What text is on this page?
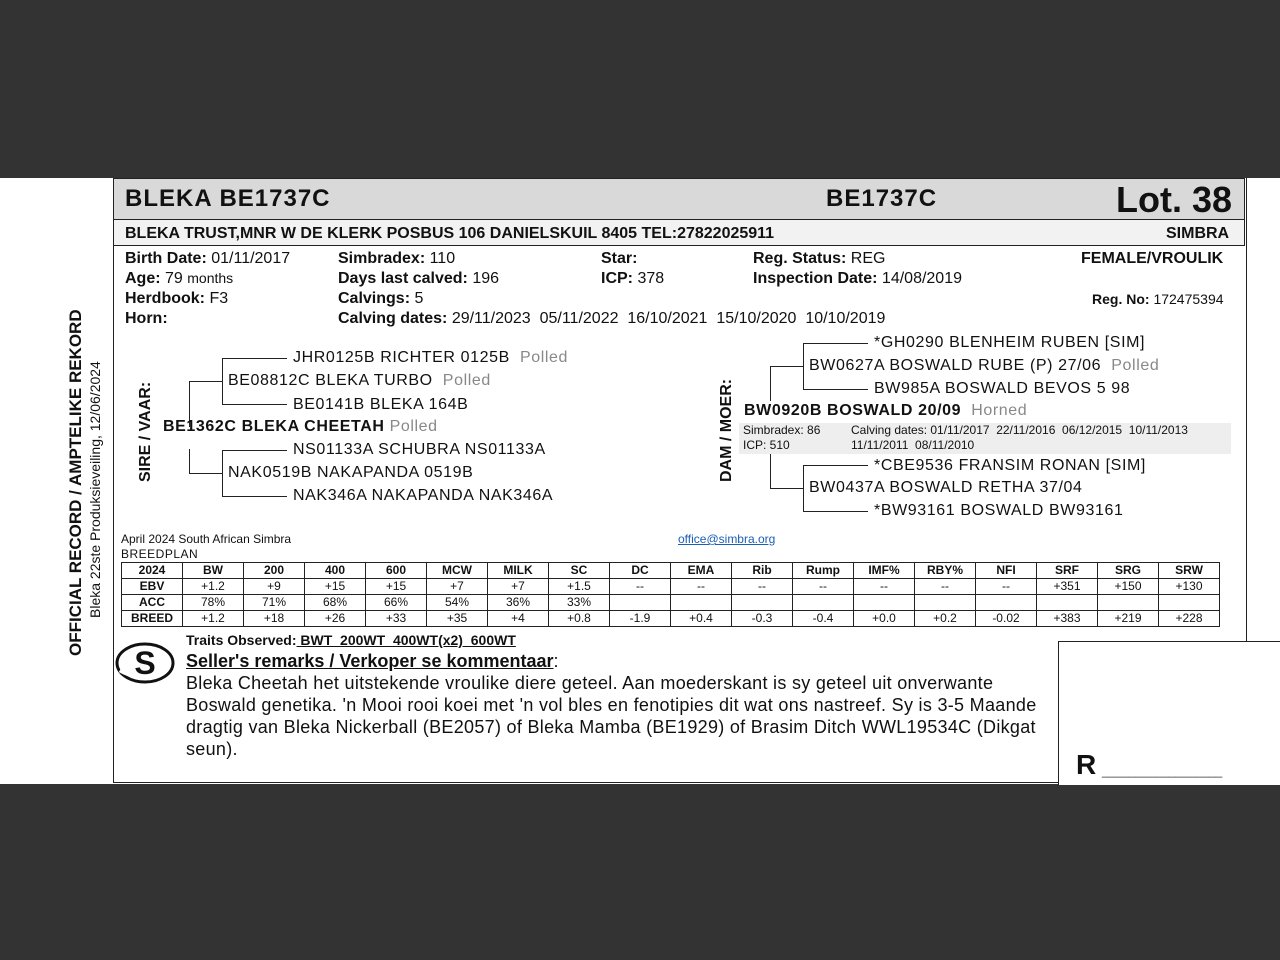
OFFICIAL RECORD / AMPTELIKE REKORD Bleka 22ste Produksieveiling, 12/06/2024
BLEKA BE1737C	BE1737C	Lot. 38
BLEKA TRUST,MNR W DE KLERK POSBUS 106 DANIELSKUIL 8405 TEL:27822025911	SIMBRA
Birth Date: 01/11/2017
Age: 79 months
Herdbook: F3
Horn:
Simbradex: 110
Days last calved: 196
Calvings: 5
Calving dates: 29/11/2023  05/11/2022  16/10/2021  15/10/2020  10/10/2019
Star:
ICP: 378
Reg. Status: REG
Inspection Date: 14/08/2019
FEMALE/VROULIK
Reg. No: 172475394
SIRE / VAAR:
JHR0125B RICHTER 0125B Polled
BE08812C BLEKA TURBO Polled
BE0141B BLEKA 164B
BE1362C BLEKA CHEETAH Polled
NS01133A SCHUBRA NS01133A
NAK0519B NAKAPANDA 0519B
NAK346A NAKAPANDA NAK346A
DAM / MOER:
*GH0290 BLENHEIM RUBEN [SIM]
BW0627A BOSWALD RUBE (P) 27/06 Polled
BW985A BOSWALD BEVOS 5 98
BW0920B BOSWALD 20/09 Horned
Simbradex: 86
ICP: 510
Calving dates: 01/11/2017  22/11/2016  06/12/2015  10/11/2013
11/11/2011  08/11/2010
*CBE9536 FRANSIM RONAN [SIM]
BW0437A BOSWALD RETHA 37/04
*BW93161 BOSWALD BW93161
April 2024 South African Simbra
BREEDPLAN
office@simbra.org
2024	BW	200	400	600	MCW	MILK	SC	DC	EMA	Rib	Rump	IMF%	RBY%	NFI	SRF	SRG	SRW
EBV	+1.2	+9	+15	+15	+7	+7	+1.5	--	--	--	--	--	--	--	+351	+150	+130
ACC	78%	71%	68%	66%	54%	36%	33%										
BREED	+1.2	+18	+26	+33	+35	+4	+0.8	-1.9	+0.4	-0.3	-0.4	+0.0	+0.2	-0.02	+383	+219	+228
S
Traits Observed: BWT  200WT  400WT(x2)  600WT
Seller's remarks / Verkoper se kommentaar:
Bleka Cheetah het uitstekende vroulike diere geteel. Aan moederskant is sy geteel uit onverwante Boswald genetika. 'n Mooi rooi koei met 'n vol bles en fenotipies dit wat ons nastreef. Sy is 3-5 Maande dragtig van Bleka Nickerball (BE2057) of Bleka Mamba (BE1929) of Brasim Ditch WWL19534C (Dikgat seun).	R __________________
